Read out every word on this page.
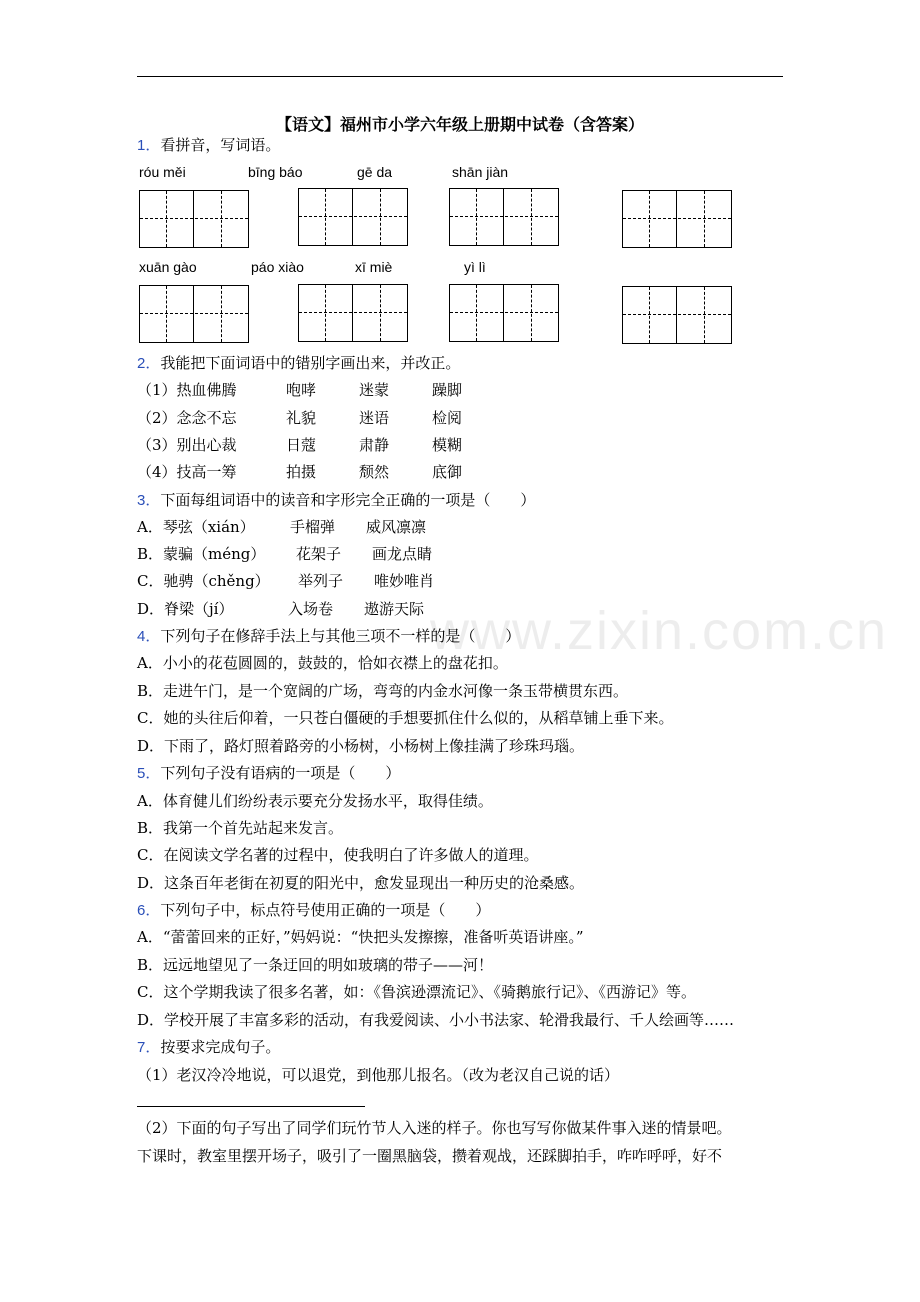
【语文】福州市小学六年级上册期中试卷（含答案）
www.zixin.com.cn
1．看拼音，写词语。
róu měi	bīng báo	gē da	shān jiàn
xuān gào	páo xiào	xī miè	yì lì
2．我能把下面词语中的错别字画出来，并改正。
（1）热血佛腾	咆哮	迷蒙	躁脚
（2）念念不忘	礼貌	迷语	检阅
（3）别出心裁	日蔻	肃静	模糊
（4）技高一筹	拍摄	颓然	底御
3．下面每组词语中的读音和字形完全正确的一项是（　　）
A．琴弦（xián） 手榴弹 威风凛凛
B．蒙骗（méng） 花架子 画龙点睛
C．驰骋（chěng） 举列子 唯妙唯肖
D．脊梁（jí）	入场卷 遨游天际
4．下列句子在修辞手法上与其他三项不一样的是（　　）
A．小小的花苞圆圆的，鼓鼓的，恰如衣襟上的盘花扣。
B．走进午门，是一个宽阔的广场，弯弯的内金水河像一条玉带横贯东西。
C．她的头往后仰着，一只苍白僵硬的手想要抓住什么似的，从稻草铺上垂下来。
D．下雨了，路灯照着路旁的小杨树，小杨树上像挂满了珍珠玛瑙。
5．下列句子没有语病的一项是（　　）
A．体育健儿们纷纷表示要充分发扬水平，取得佳绩。
B．我第一个首先站起来发言。
C．在阅读文学名著的过程中，使我明白了许多做人的道理。
D．这条百年老街在初夏的阳光中，愈发显现出一种历史的沧桑感。
6．下列句子中，标点符号使用正确的一项是（　　）
A．“蕾蕾回来的正好，”妈妈说：“快把头发擦擦，准备听英语讲座。”
B．远远地望见了一条迂回的明如玻璃的带子——河！
C．这个学期我读了很多名著，如：《鲁滨逊漂流记》、《骑鹅旅行记》、《西游记》等。
D．学校开展了丰富多彩的活动，有我爱阅读、小小书法家、轮滑我最行、千人绘画等……
7．按要求完成句子。
（1）老汉冷冷地说，可以退党，到他那儿报名。（改为老汉自己说的话）
（2）下面的句子写出了同学们玩竹节人入迷的样子。你也写写你做某件事入迷的情景吧。
下课时，教室里摆开场子，吸引了一圈黑脑袋，攒着观战，还踩脚拍手，咋咋呼呼，好不
